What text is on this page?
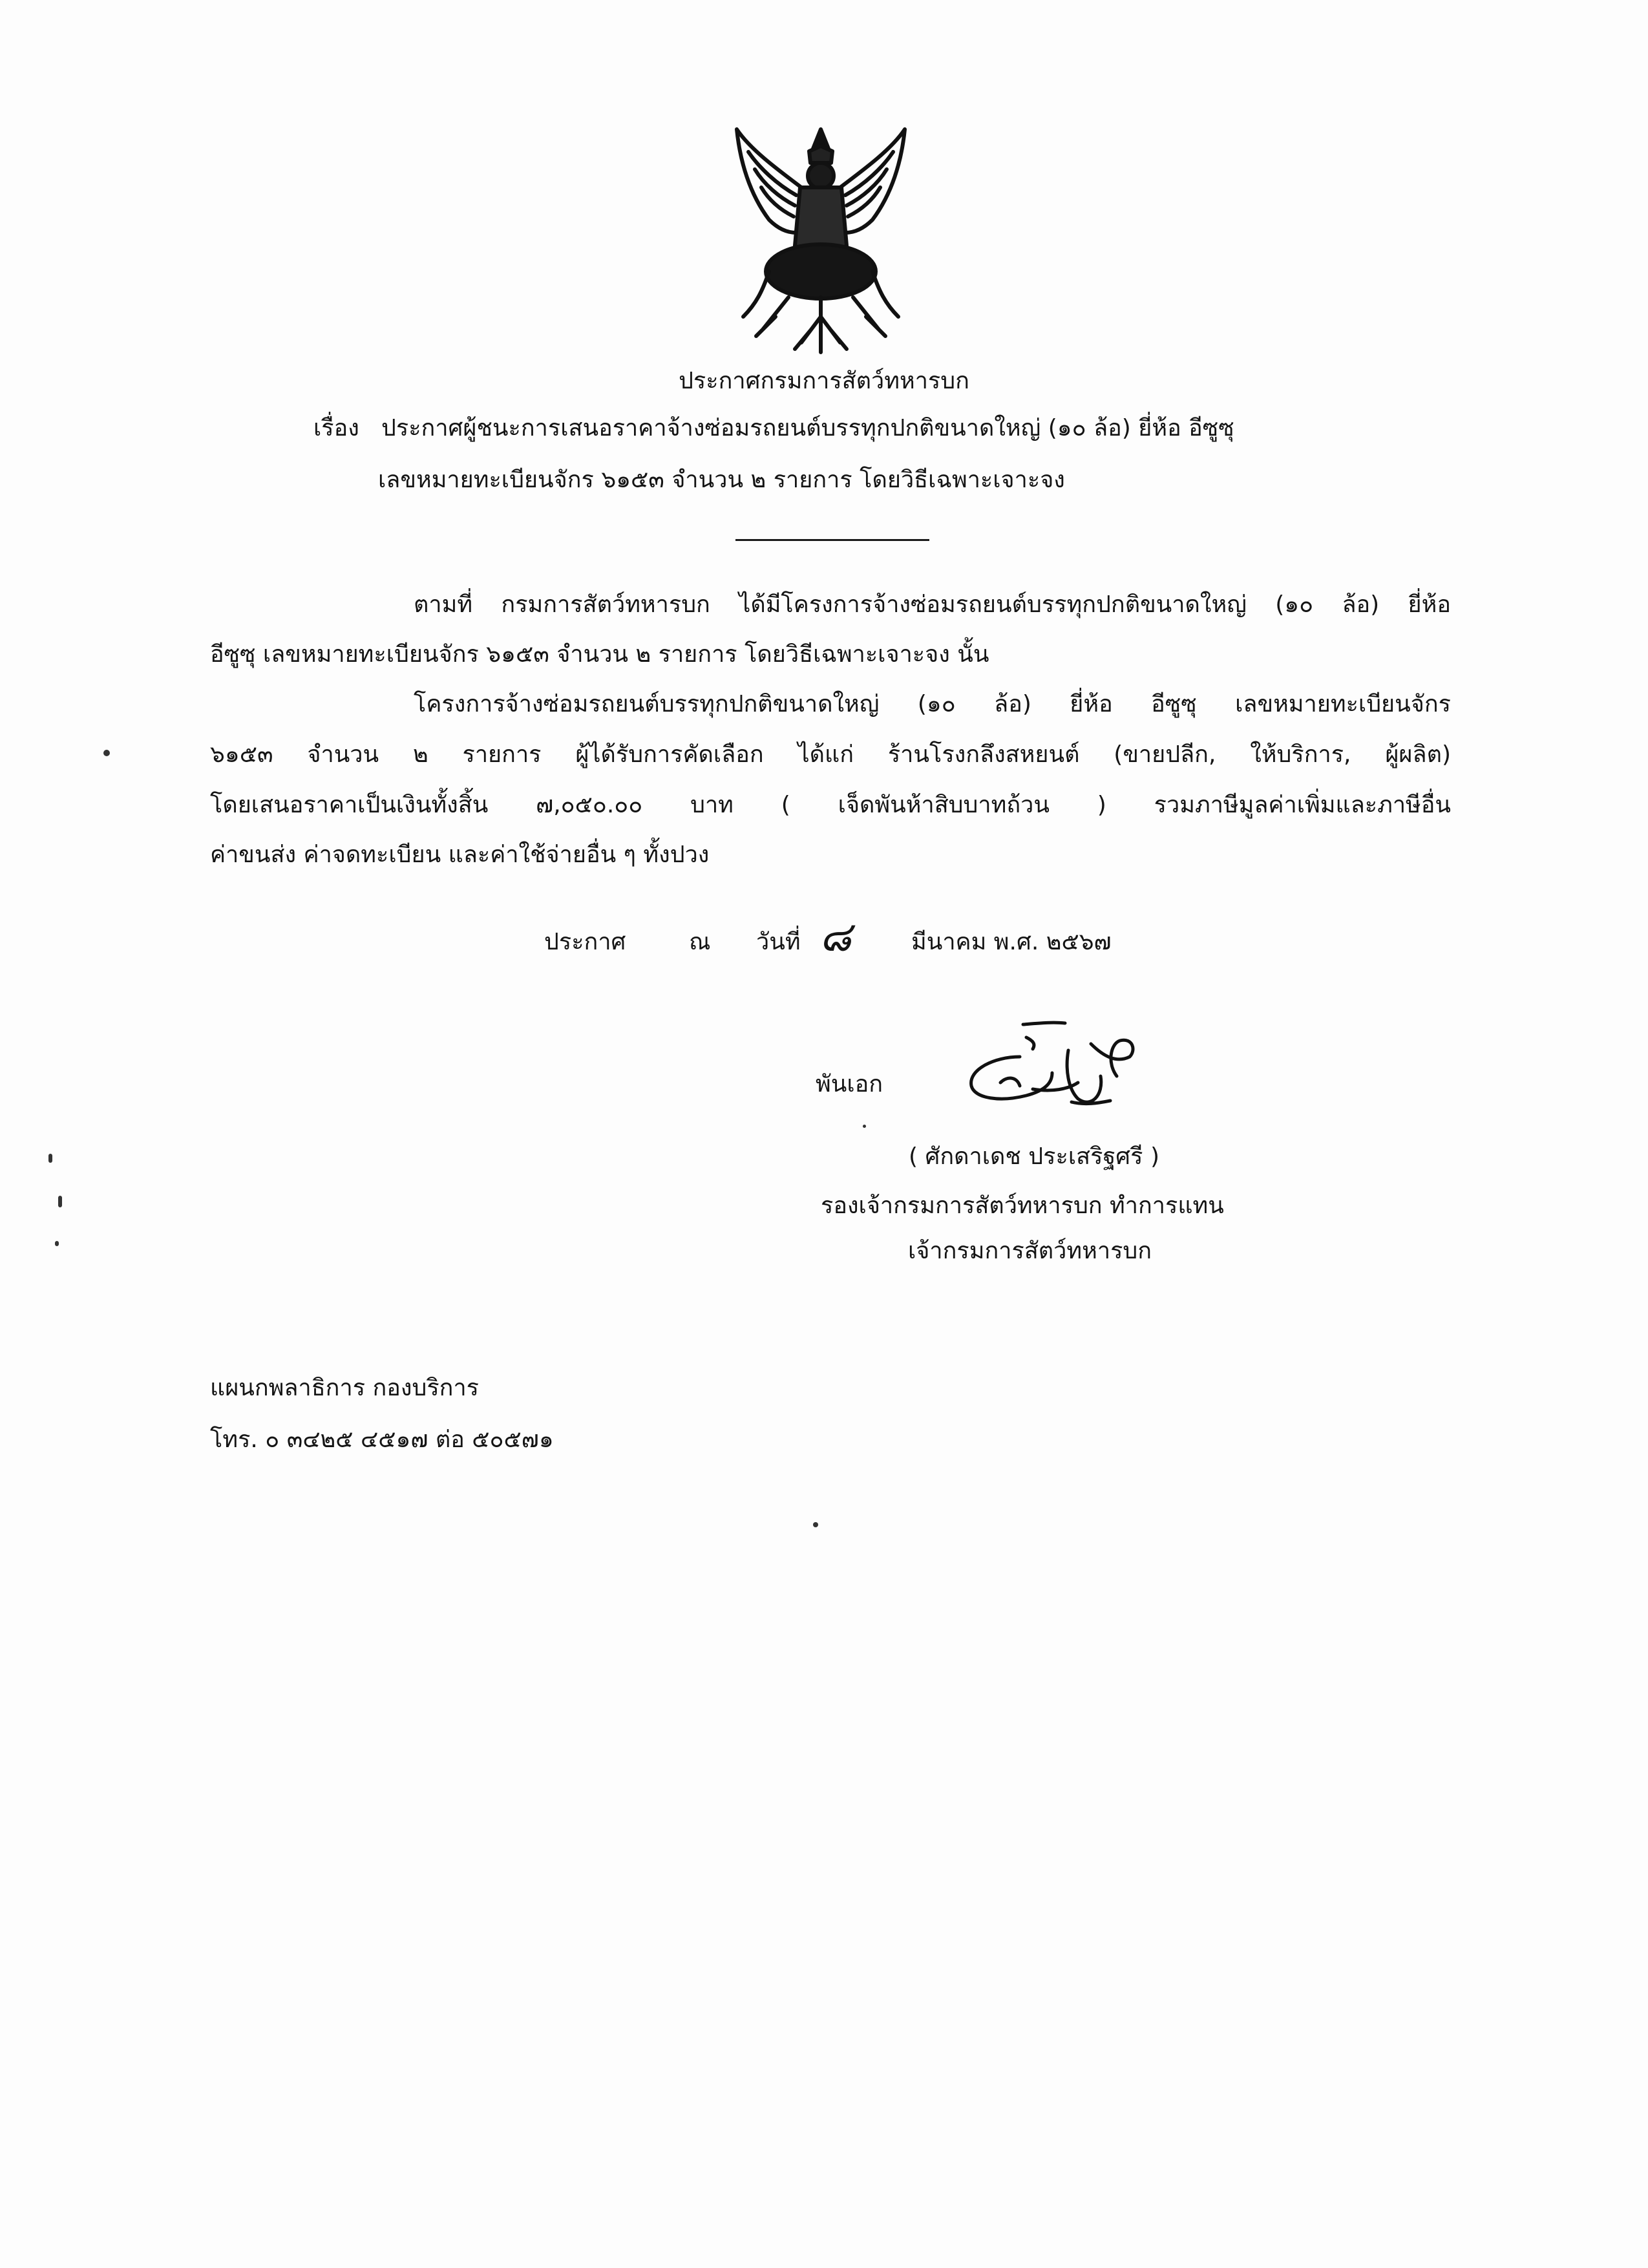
ประกาศกรมการสัตว์ทหารบก
เรื่อง ประกาศผู้ชนะการเสนอราคาจ้างซ่อมรถยนต์บรรทุกปกติขนาดใหญ่ (๑๐ ล้อ) ยี่ห้อ อีซูซุ
เลขหมายทะเบียนจักร ๖๑๕๓ จำนวน ๒ รายการ โดยวิธีเฉพาะเจาะจง
ตามที่ กรมการสัตว์ทหารบก ได้มีโครงการจ้างซ่อมรถยนต์บรรทุกปกติขนาดใหญ่ (๑๐ ล้อ) ยี่ห้อ
อีซูซุ เลขหมายทะเบียนจักร ๖๑๕๓ จำนวน ๒ รายการ โดยวิธีเฉพาะเจาะจง นั้น
โครงการจ้างซ่อมรถยนต์บรรทุกปกติขนาดใหญ่ (๑๐ ล้อ) ยี่ห้อ อีซูซุ เลขหมายทะเบียนจักร
๖๑๕๓ จำนวน ๒ รายการ ผู้ได้รับการคัดเลือก ได้แก่ ร้านโรงกลึงสหยนต์ (ขายปลีก, ให้บริการ, ผู้ผลิต)
โดยเสนอราคาเป็นเงินทั้งสิ้น ๗,๐๕๐.๐๐ บาท ( เจ็ดพันห้าสิบบาทถ้วน ) รวมภาษีมูลค่าเพิ่มและภาษีอื่น
ค่าขนส่ง ค่าจดทะเบียน และค่าใช้จ่ายอื่น ๆ ทั้งปวง
ประกาศ	ณ วันที่ ๘	มีนาคม พ.ศ. ๒๕๖๗
พันเอก
( ศักดาเดช ประเสริฐศรี )
รองเจ้ากรมการสัตว์ทหารบก ทำการแทน
เจ้ากรมการสัตว์ทหารบก
แผนกพลาธิการ กองบริการ
โทร. ๐ ๓๔๒๕ ๔๕๑๗ ต่อ ๕๐๕๗๑
